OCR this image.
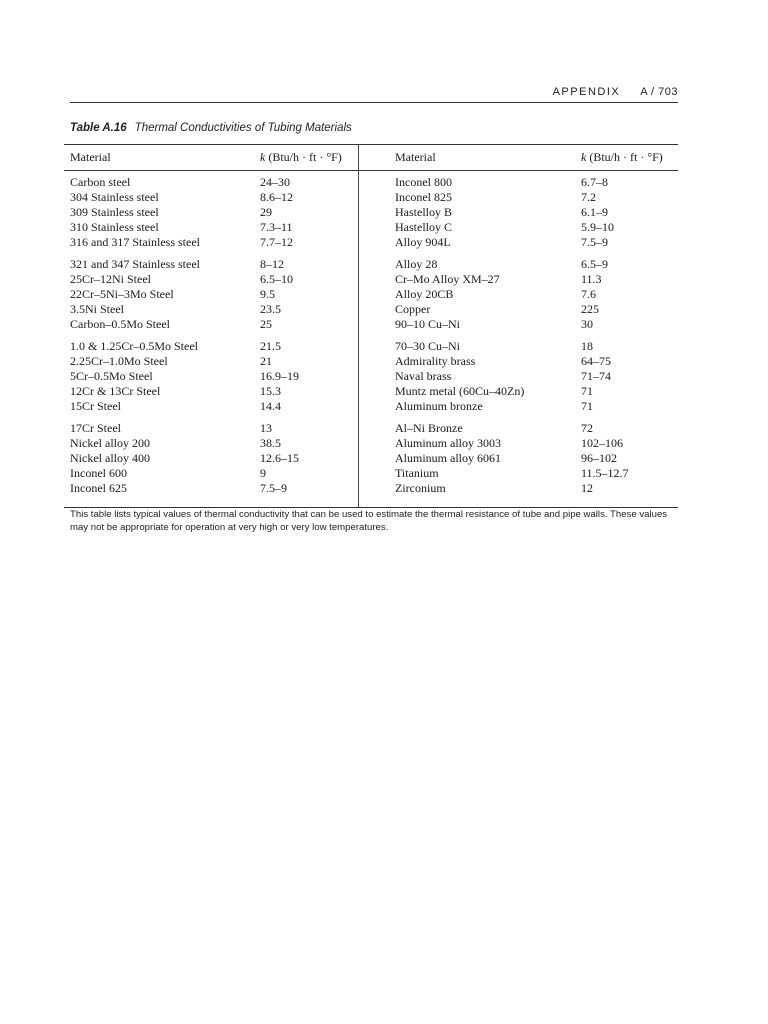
APPENDIX A / 703
Table A.16 Thermal Conductivities of Tubing Materials
Material	k (Btu/h · ft · °F)
Carbon steel	24–30
304 Stainless steel	8.6–12
309 Stainless steel	29
310 Stainless steel	7.3–11
316 and 317 Stainless steel	7.7–12
321 and 347 Stainless steel	8–12
25Cr–12Ni Steel	6.5–10
22Cr–5Ni–3Mo Steel	9.5
3.5Ni Steel	23.5
Carbon–0.5Mo Steel	25
1.0 & 1.25Cr–0.5Mo Steel	21.5
2.25Cr–1.0Mo Steel	21
5Cr–0.5Mo Steel	16.9–19
12Cr & 13Cr Steel	15.3
15Cr Steel	14.4
17Cr Steel	13
Nickel alloy 200	38.5
Nickel alloy 400	12.6–15
Inconel 600	9
Inconel 625	7.5–9
Material	k (Btu/h · ft · °F)
Inconel 800	6.7–8
Inconel 825	7.2
Hastelloy B	6.1–9
Hastelloy C	5.9–10
Alloy 904L	7.5–9
Alloy 28	6.5–9
Cr–Mo Alloy XM–27	11.3
Alloy 20CB	7.6
Copper	225
90–10 Cu–Ni	30
70–30 Cu–Ni	18
Admirality brass	64–75
Naval brass	71–74
Muntz metal (60Cu–40Zn)	71
Aluminum bronze	71
Al–Ni Bronze	72
Aluminum alloy 3003	102–106
Aluminum alloy 6061	96–102
Titanium	11.5–12.7
Zirconium	12
This table lists typical values of thermal conductivity that can be used to estimate the thermal resistance of tube and pipe walls. These values may not be appropriate for operation at very high or very low temperatures.
